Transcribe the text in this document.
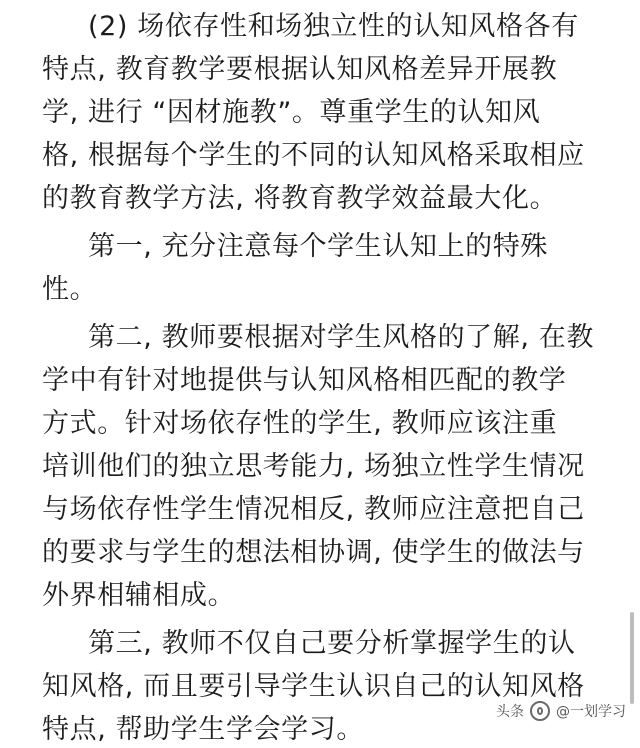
(2) 场依存性和场独立性的认知风格各有
特点, 教育教学要根据认知风格差异开展教
学, 进行 “因材施教”。尊重学生的认知风
格, 根据每个学生的不同的认知风格采取相应
的教育教学方法, 将教育教学效益最大化。
第一, 充分注意每个学生认知上的特殊
性。
第二, 教师要根据对学生风格的了解, 在教
学中有针对地提供与认知风格相匹配的教学
方式。针对场依存性的学生, 教师应该注重
培训他们的独立思考能力, 场独立性学生情况
与场依存性学生情况相反, 教师应注意把自己
的要求与学生的想法相协调, 使学生的做法与
外界相辅相成。
第三, 教师不仅自己要分析掌握学生的认
知风格, 而且要引导学生认识自己的认知风格
特点, 帮助学生学会学习。
头条 @一划学习
